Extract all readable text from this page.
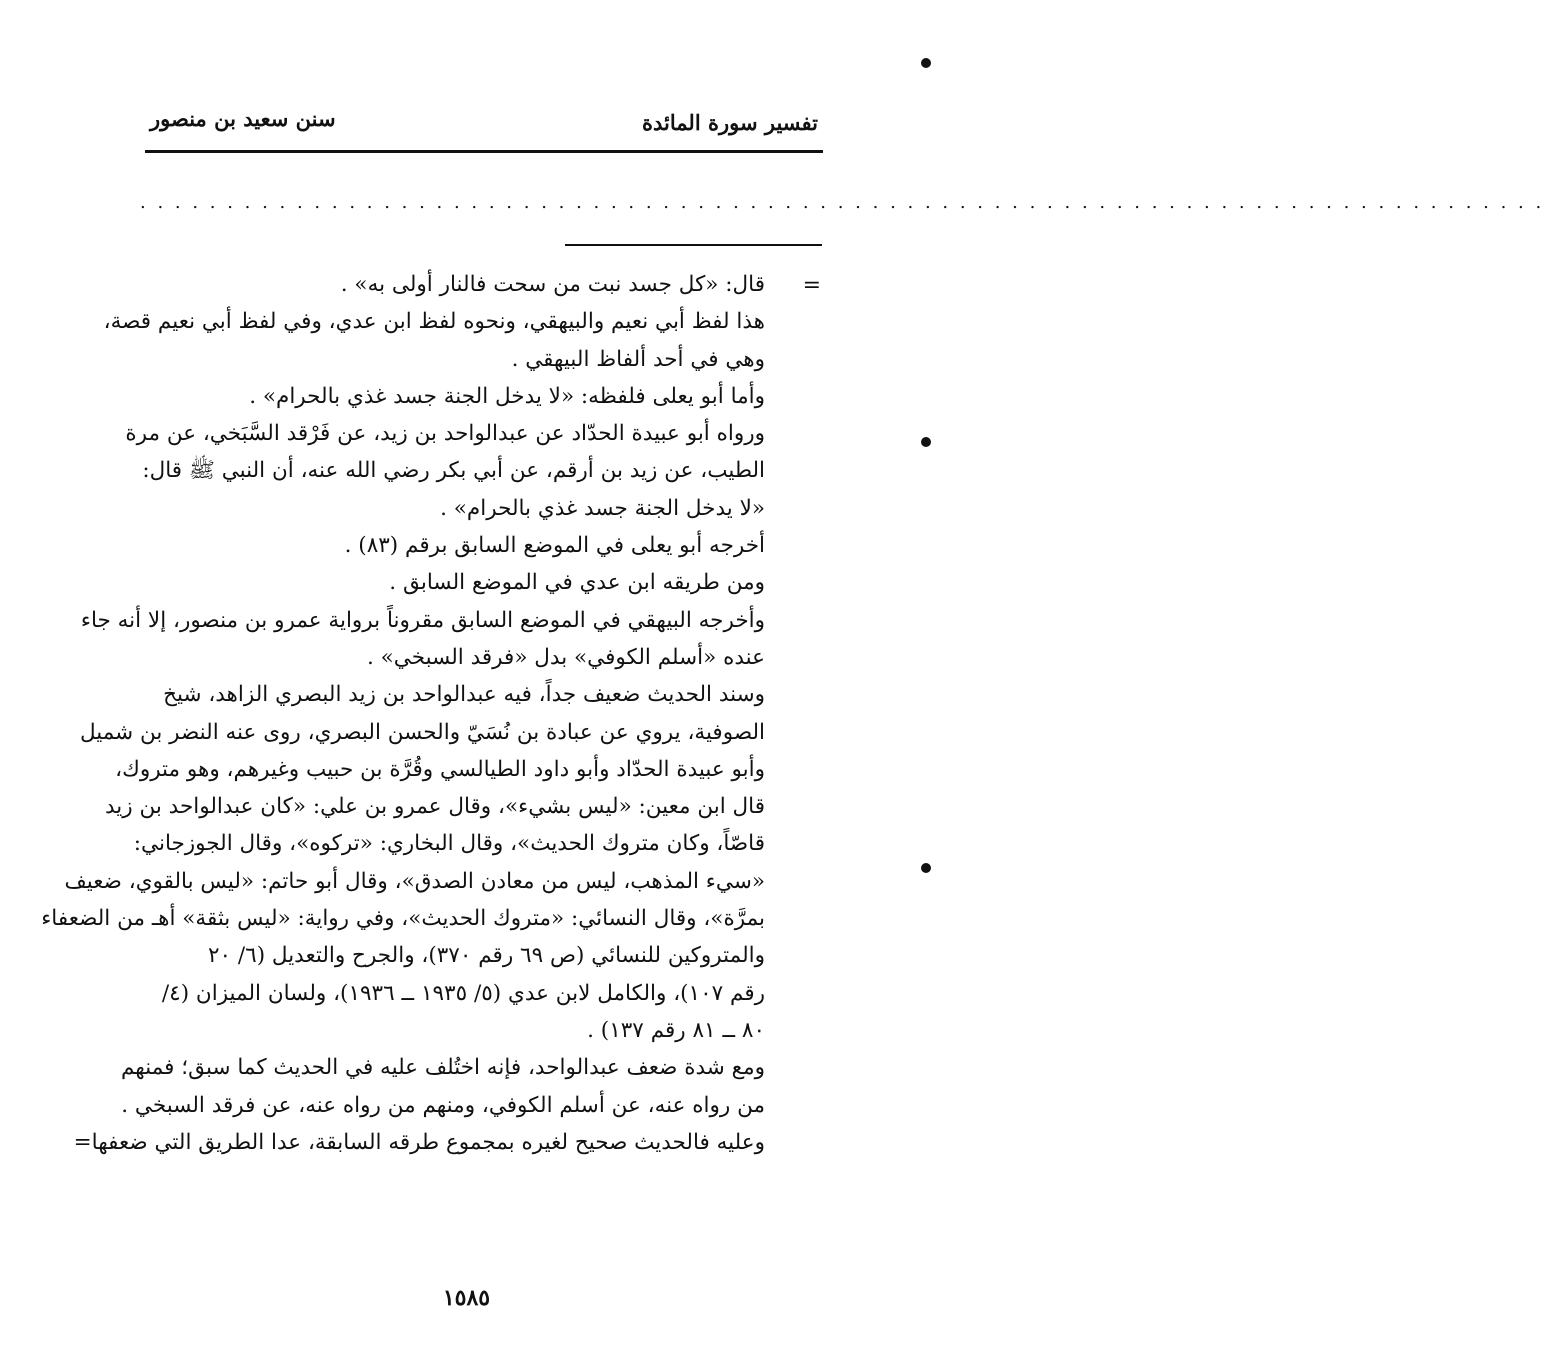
تفسير سورة المائدة
سنن سعيد بن منصور
. . . . . . . . . . . . . . . . . . . . . . . . . . . . . . . . . . . . . . . . . . . . . . . . . . . . . . . . . . . . . . . . . . . . . . . . . . . . . . . . .
=
قال: «كل جسد نبت من سحت فالنار أولى به» .
هذا لفظ أبي نعيم والبيهقي، ونحوه لفظ ابن عدي، وفي لفظ أبي نعيم قصة،
وهي في أحد ألفاظ البيهقي .
وأما أبو يعلى فلفظه: «لا يدخل الجنة جسد غذي بالحرام» .
ورواه أبو عبيدة الحدّاد عن عبدالواحد بن زيد، عن فَرْقد السَّبَخي، عن مرة
الطيب، عن زيد بن أرقم، عن أبي بكر رضي الله عنه، أن النبي ﷺ قال:
«لا يدخل الجنة جسد غذي بالحرام» .
أخرجه أبو يعلى في الموضع السابق برقم (٨٣) .
ومن طريقه ابن عدي في الموضع السابق .
وأخرجه البيهقي في الموضع السابق مقروناً برواية عمرو بن منصور، إلا أنه جاء
عنده «أسلم الكوفي» بدل «فرقد السبخي» .
وسند الحديث ضعيف جداً، فيه عبدالواحد بن زيد البصري الزاهد، شيخ
الصوفية، يروي عن عبادة بن نُسَيّ والحسن البصري، روى عنه النضر بن شميل
وأبو عبيدة الحدّاد وأبو داود الطيالسي وقُرَّة بن حبيب وغيرهم، وهو متروك،
قال ابن معين: «ليس بشيء»، وقال عمرو بن علي: «كان عبدالواحد بن زيد
قاصّاً، وكان متروك الحديث»، وقال البخاري: «تركوه»، وقال الجوزجاني:
«سيء المذهب، ليس من معادن الصدق»، وقال أبو حاتم: «ليس بالقوي، ضعيف
بمرَّة»، وقال النسائي: «متروك الحديث»، وفي رواية: «ليس بثقة» أهـ من الضعفاء
والمتروكين للنسائي (ص ٦٩ رقم ٣٧٠)، والجرح والتعديل (٦/ ٢٠
رقم ١٠٧)، والكامل لابن عدي (٥/ ١٩٣٥ ــ ١٩٣٦)، ولسان الميزان (٤/
٨٠ ــ ٨١ رقم ١٣٧) .
ومع شدة ضعف عبدالواحد، فإنه اختُلف عليه في الحديث كما سبق؛ فمنهم
من رواه عنه، عن أسلم الكوفي، ومنهم من رواه عنه، عن فرقد السبخي .
وعليه فالحديث صحيح لغيره بمجموع طرقه السابقة، عدا الطريق التي ضعفها=
١٥٨٥
